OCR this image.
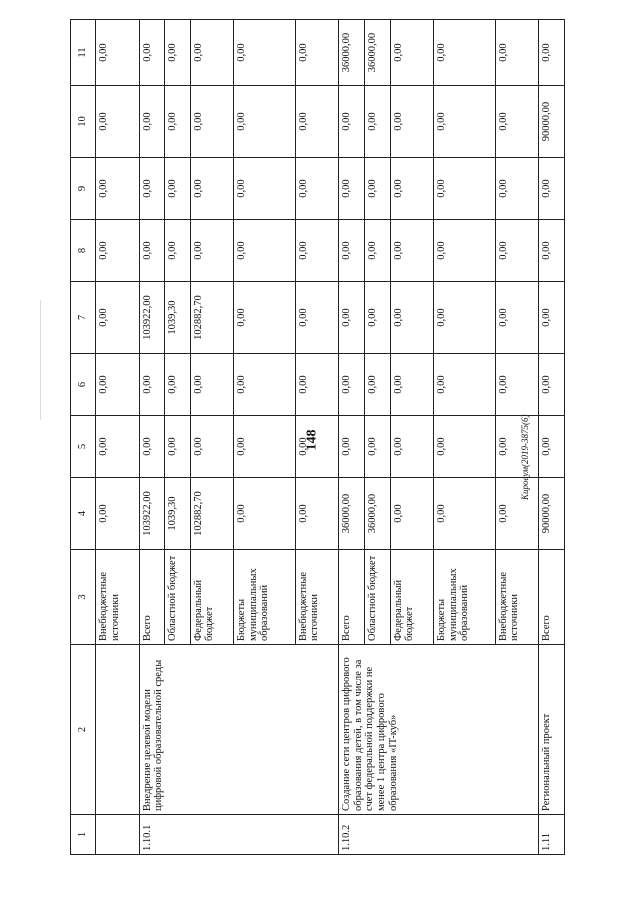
148	Кироеум(2019-3875(6)
1	2	3	4	5	6	7	8	9	10	11
		Внебюджетные источники	0,00	0,00	0,00	0,00	0,00	0,00	0,00	0,00
1.10.1	Внедрение целевой модели цифровой образовательной среды	Всего	103922,00	0,00	0,00	103922,00	0,00	0,00	0,00	0,00
		Областной бюджет	1039,30	0,00	0,00	1039,30	0,00	0,00	0,00	0,00
		Федеральный бюджет	102882,70	0,00	0,00	102882,70	0,00	0,00	0,00	0,00
		Бюджеты муниципальных образований	0,00	0,00	0,00	0,00	0,00	0,00	0,00	0,00
		Внебюджетные источники	0,00	0,00	0,00	0,00	0,00	0,00	0,00	0,00
1.10.2	Создание сети центров цифрового образования детей, в том числе за счет федеральной поддержки не менее 1 центра цифрового образования «IT-куб»	Всего	36000,00	0,00	0,00	0,00	0,00	0,00	0,00	36000,00
		Областной бюджет	36000,00	0,00	0,00	0,00	0,00	0,00	0,00	36000,00
		Федеральный бюджет	0,00	0,00	0,00	0,00	0,00	0,00	0,00	0,00
		Бюджеты муниципальных образований	0,00	0,00	0,00	0,00	0,00	0,00	0,00	0,00
		Внебюджетные источники	0,00	0,00	0,00	0,00	0,00	0,00	0,00	0,00
1.11	Региональный проект	Всего	90000,00	0,00	0,00	0,00	0,00	0,00	90000,00	0,00
